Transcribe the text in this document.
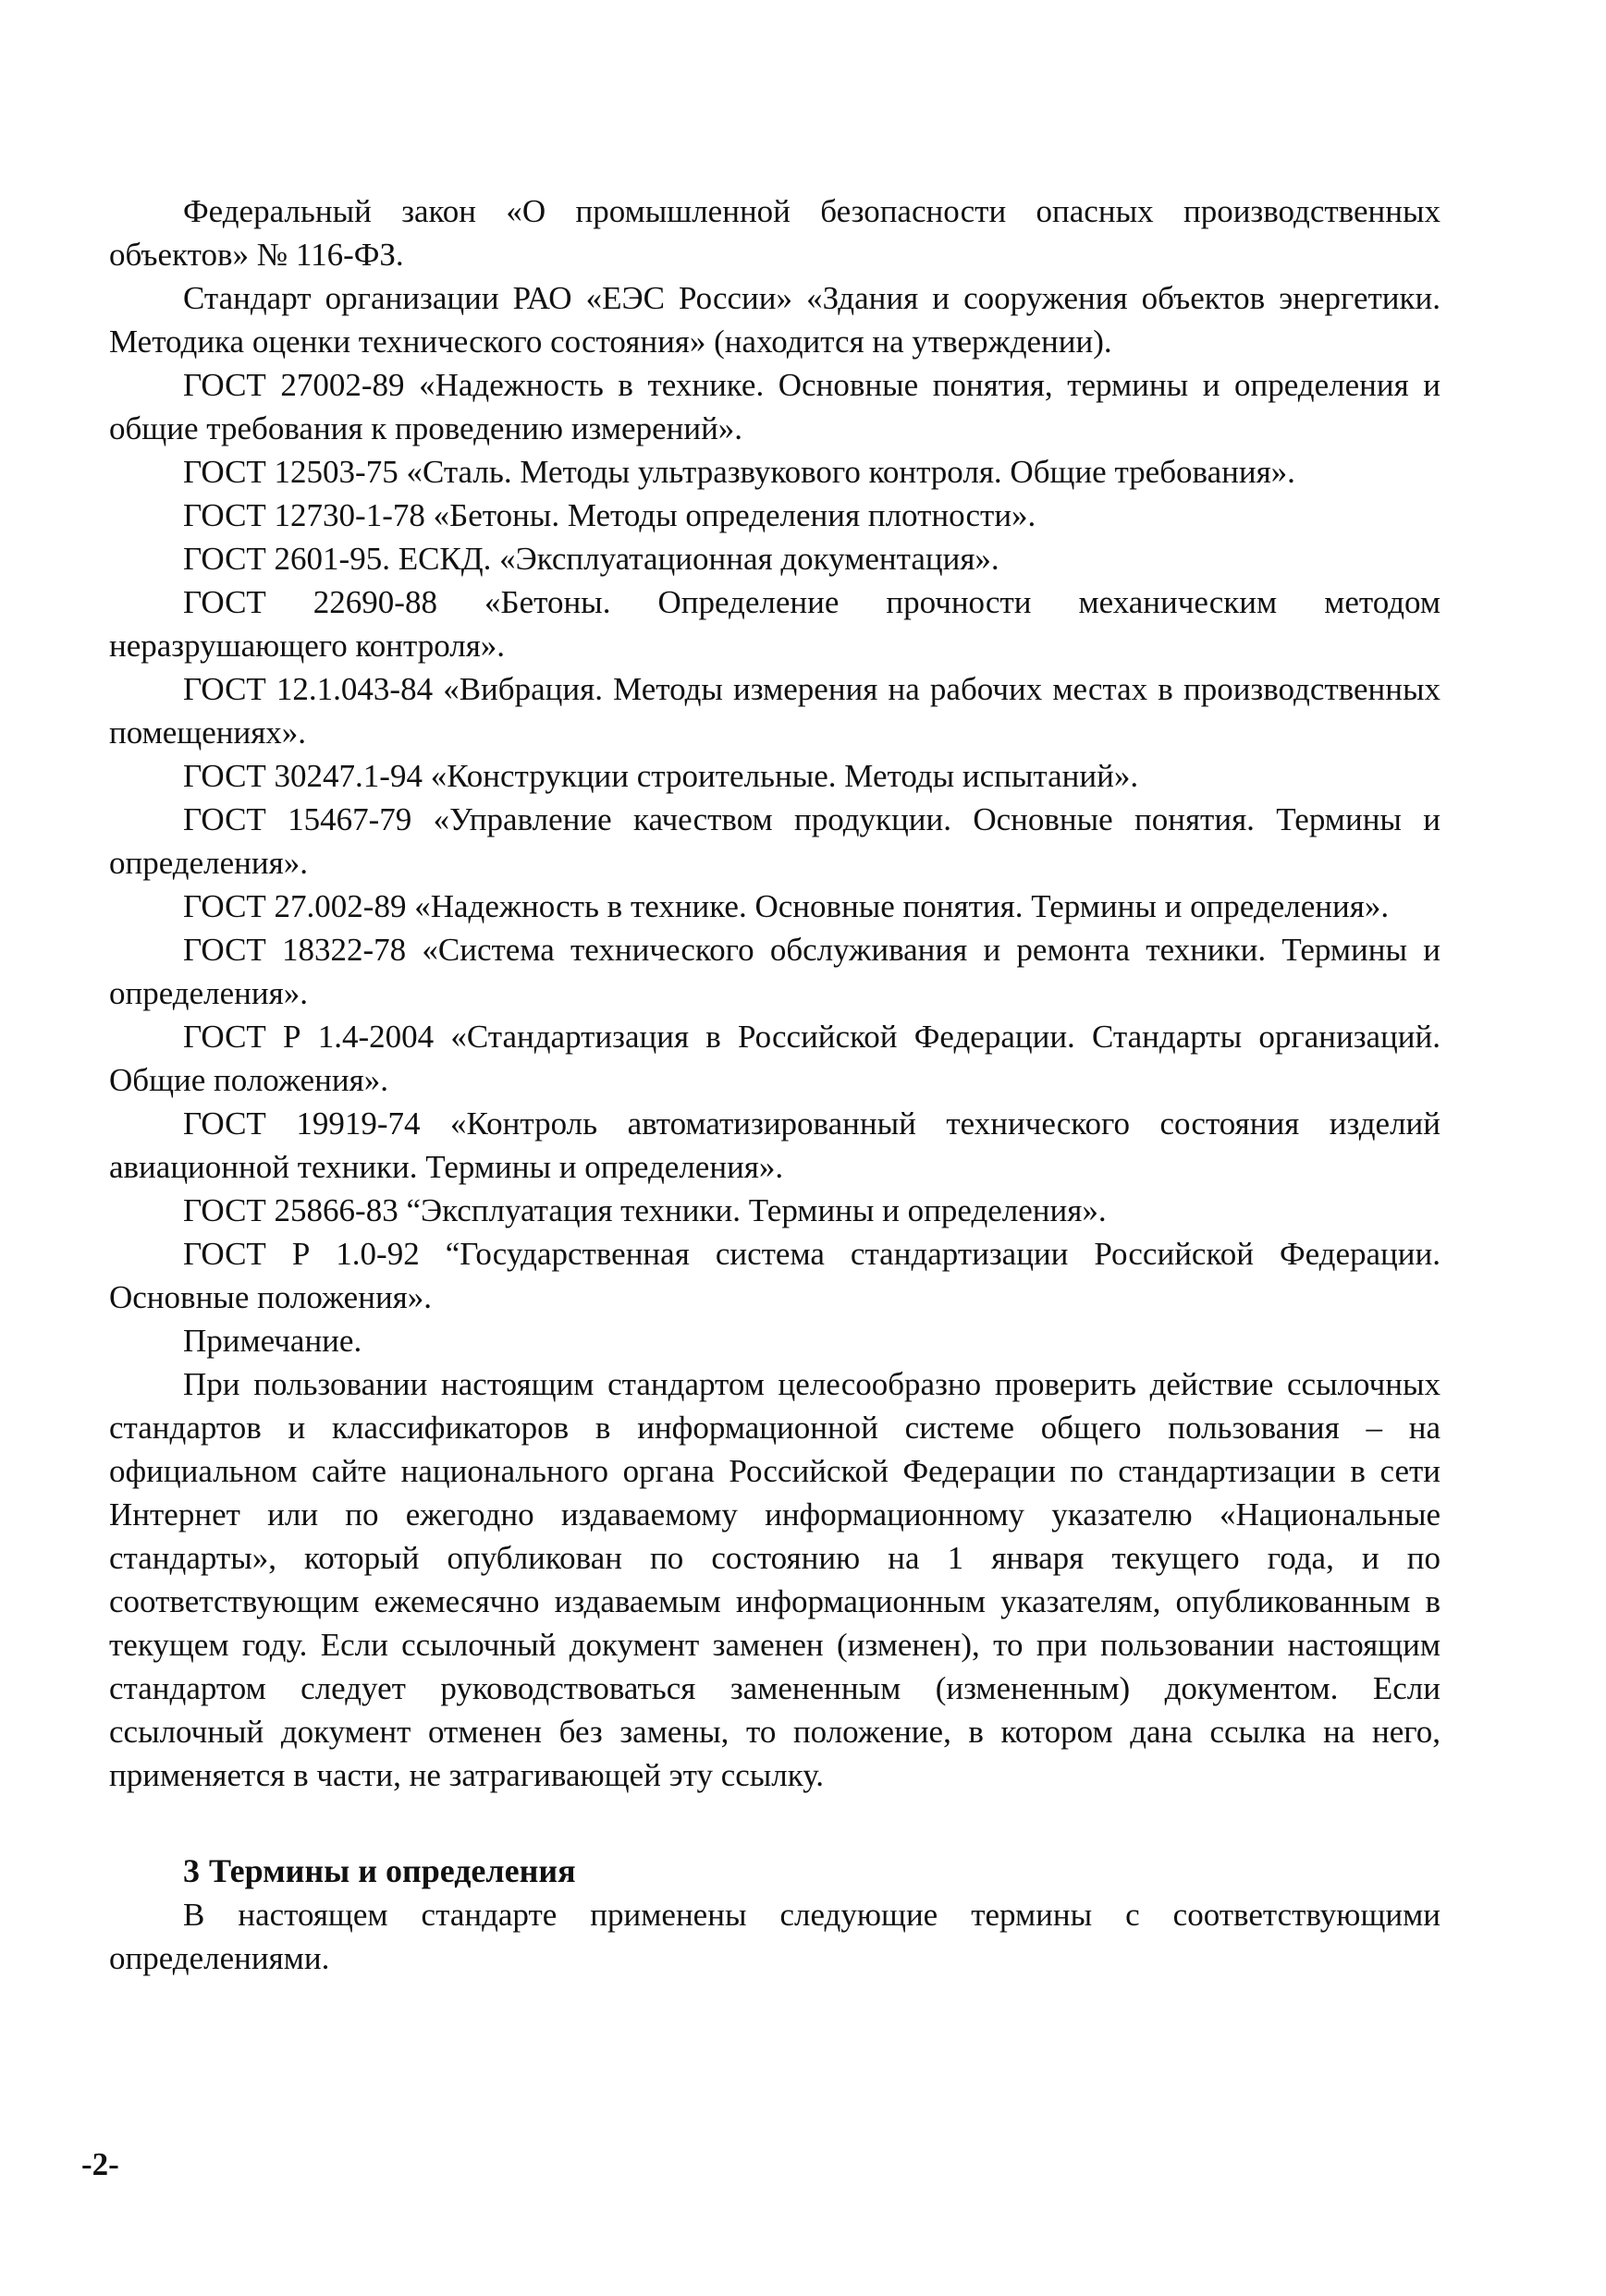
Федеральный закон «О промышленной безопасности опасных производственных объектов» № 116-ФЗ.

Стандарт организации РАО «ЕЭС России» «Здания и сооружения объектов энергетики. Методика оценки технического состояния» (находится на утверждении).

ГОСТ 27002-89 «Надежность в технике. Основные понятия, термины и определения и общие требования к проведению измерений».

ГОСТ 12503-75 «Сталь. Методы ультразвукового контроля. Общие требования».

ГОСТ 12730-1-78 «Бетоны. Методы определения плотности».

ГОСТ 2601-95. ЕСКД. «Эксплуатационная документация».

ГОСТ 22690-88 «Бетоны. Определение прочности механическим методом неразрушающего контроля».

ГОСТ 12.1.043-84 «Вибрация. Методы измерения на рабочих местах в производственных помещениях».

ГОСТ 30247.1-94 «Конструкции строительные. Методы испытаний».

ГОСТ 15467-79 «Управление качеством продукции. Основные понятия. Термины и определения».

ГОСТ 27.002-89 «Надежность в технике. Основные понятия. Термины и определения».

ГОСТ 18322-78 «Система технического обслуживания и ремонта техники. Термины и определения».

ГОСТ Р 1.4-2004 «Стандартизация в Российской Федерации. Стандарты организаций. Общие положения».

ГОСТ 19919-74 «Контроль автоматизированный технического состояния изделий авиационной техники. Термины и определения».

ГОСТ 25866-83 “Эксплуатация техники. Термины и определения».

ГОСТ Р 1.0-92 “Государственная система стандартизации Российской Федерации. Основные положения».

Примечание.

При пользовании настоящим стандартом целесообразно проверить действие ссылочных стандартов и классификаторов в информационной системе общего пользования – на официальном сайте национального органа Российской Федерации по стандартизации в сети Интернет или по ежегодно издаваемому информационному указателю «Национальные стандарты», который опубликован по состоянию на 1 января текущего года, и по соответствующим ежемесячно издаваемым информационным указателям, опубликованным в текущем году. Если ссылочный документ заменен (изменен), то при пользовании настоящим стандартом следует руководствоваться замененным (измененным) документом. Если ссылочный документ отменен без замены, то положение, в котором дана ссылка на него, применяется в части, не затрагивающей эту ссылку.

3 Термины и определения

В настоящем стандарте применены следующие термины с соответствующими определениями.

-2-
